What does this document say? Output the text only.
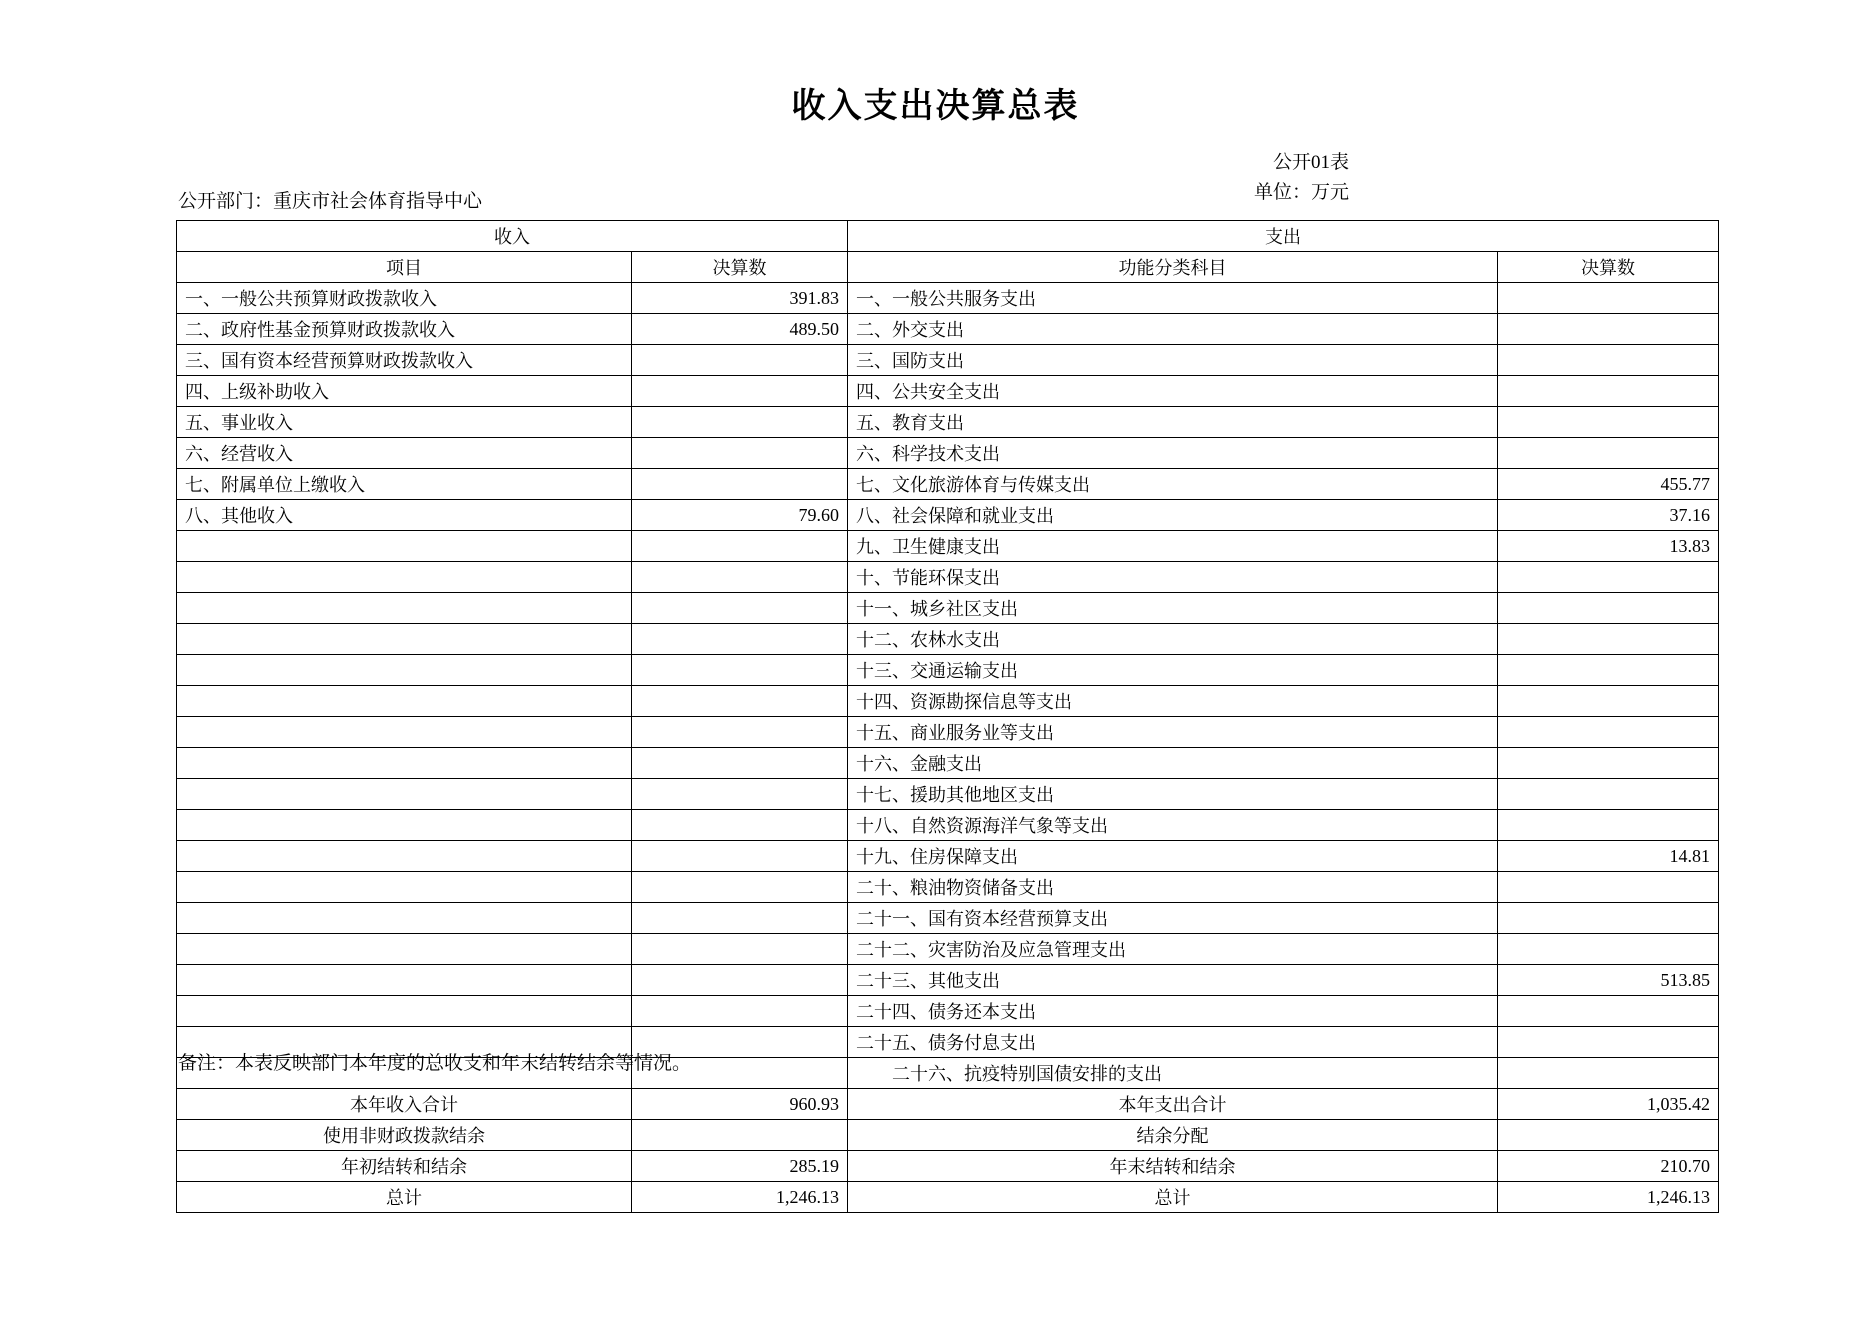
收入支出决算总表
公开01表
单位：万元
公开部门：重庆市社会体育指导中心
收入		支出	
项目	决算数	功能分类科目	决算数
一、一般公共预算财政拨款收入	391.83	一、一般公共服务支出	
二、政府性基金预算财政拨款收入	489.50	二、外交支出	
三、国有资本经营预算财政拨款收入		三、国防支出	
四、上级补助收入		四、公共安全支出	
五、事业收入		五、教育支出	
六、经营收入		六、科学技术支出	
七、附属单位上缴收入		七、文化旅游体育与传媒支出	455.77
八、其他收入	79.60	八、社会保障和就业支出	37.16
		九、卫生健康支出	13.83
		十、节能环保支出	
		十一、城乡社区支出	
		十二、农林水支出	
		十三、交通运输支出	
		十四、资源勘探信息等支出	
		十五、商业服务业等支出	
		十六、金融支出	
		十七、援助其他地区支出	
		十八、自然资源海洋气象等支出	
		十九、住房保障支出	14.81
		二十、粮油物资储备支出	
		二十一、国有资本经营预算支出	
		二十二、灾害防治及应急管理支出	
		二十三、其他支出	513.85
		二十四、债务还本支出	
		二十五、债务付息支出	
		　　二十六、抗疫特别国债安排的支出	
本年收入合计	960.93	本年支出合计	1,035.42
使用非财政拨款结余		结余分配	
年初结转和结余	285.19	年末结转和结余	210.70
总计	1,246.13	总计	1,246.13
备注：本表反映部门本年度的总收支和年末结转结余等情况。
